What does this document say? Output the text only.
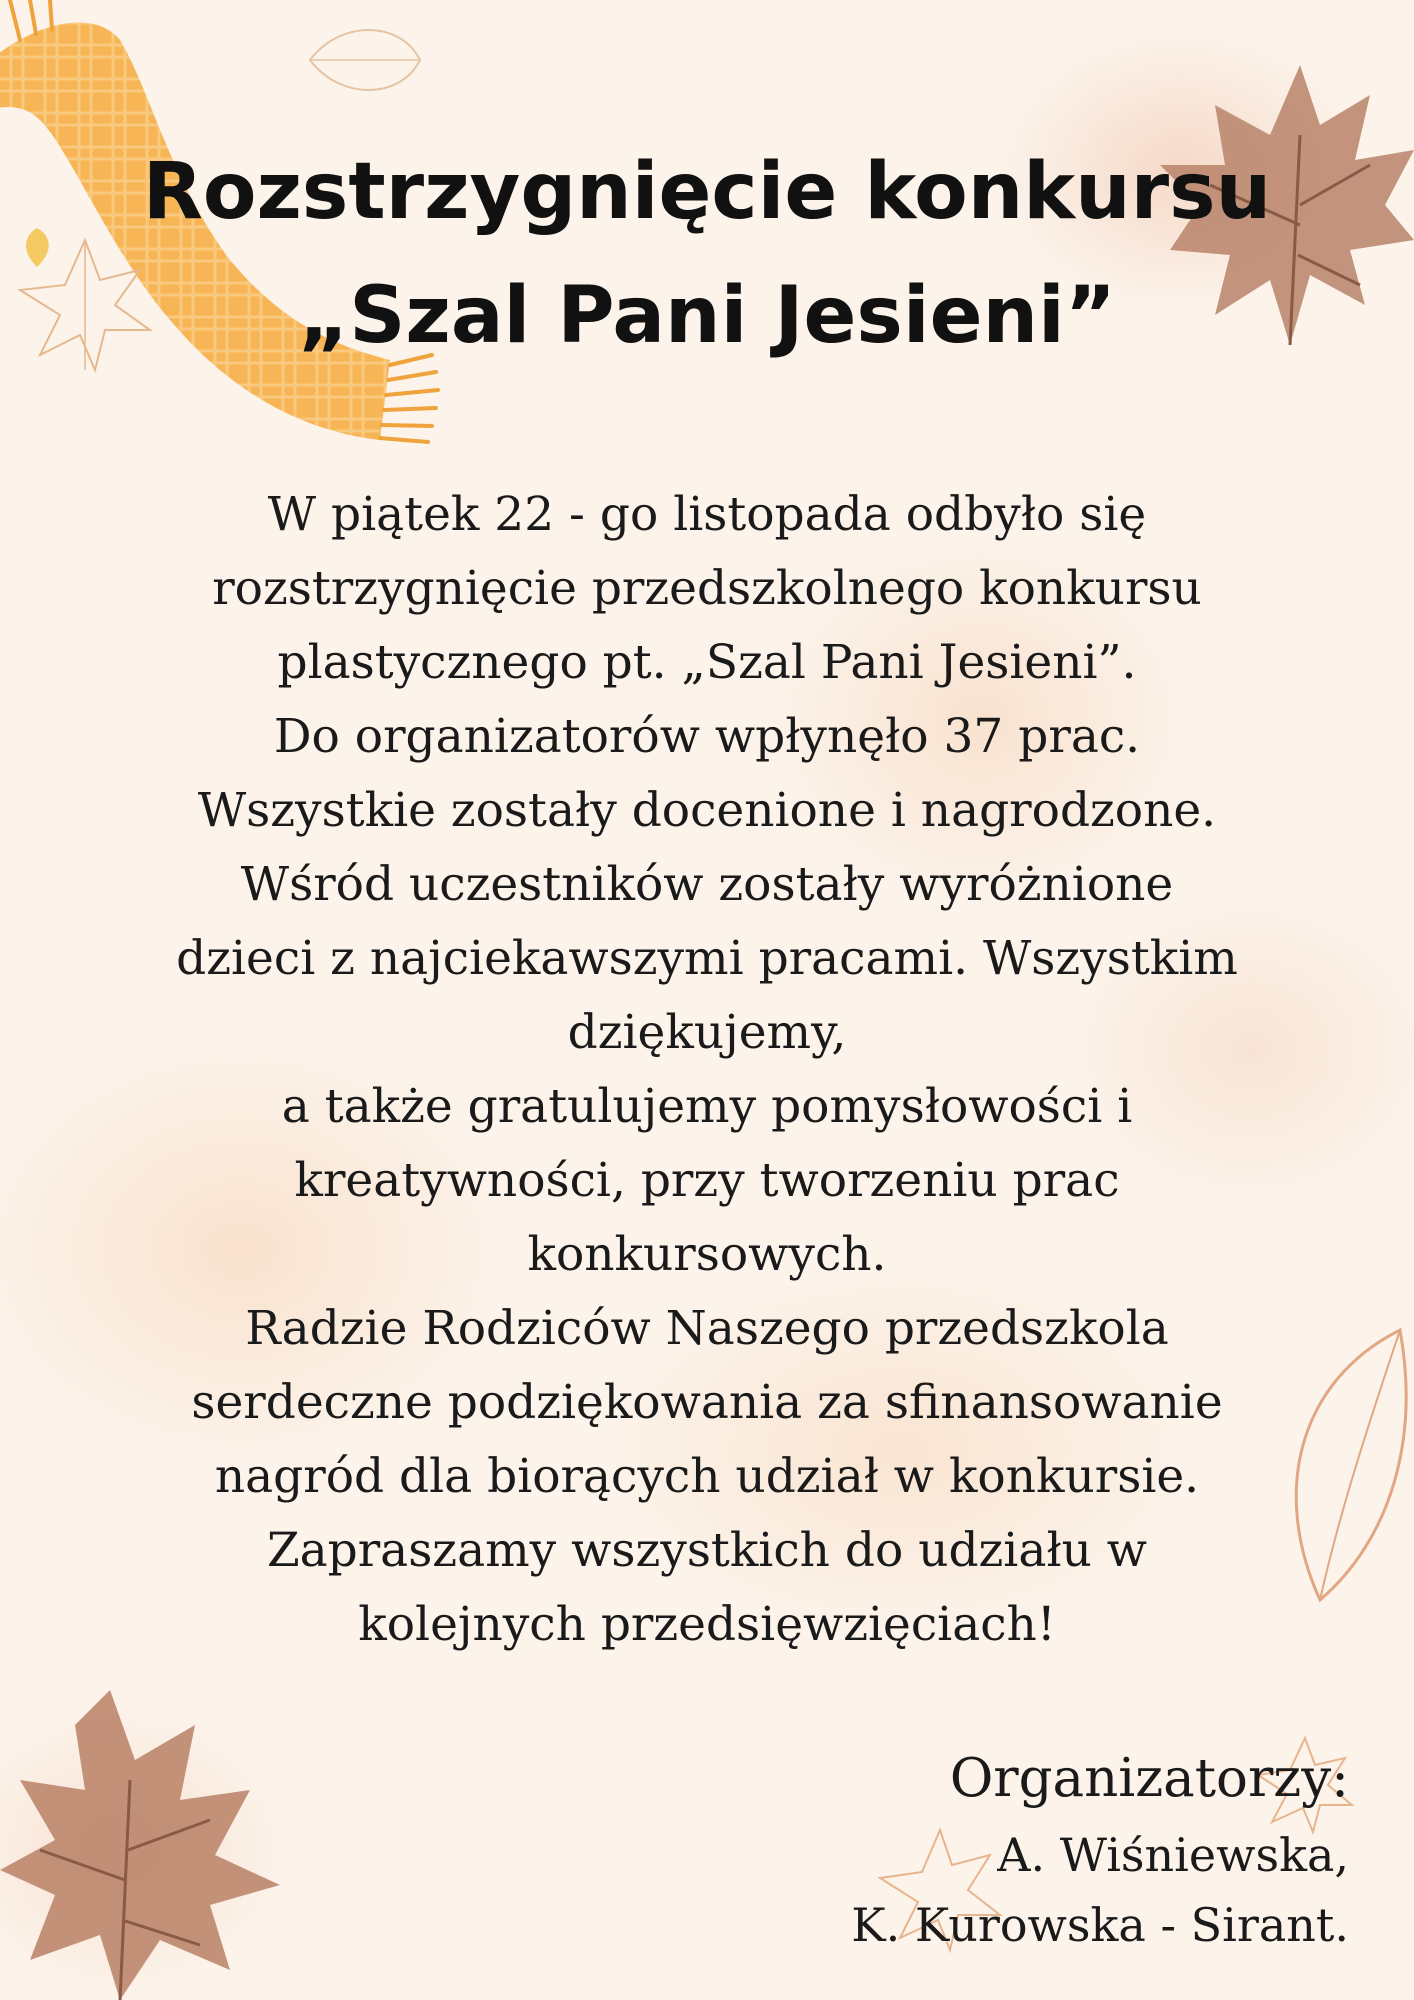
Rozstrzygnięcie konkursu
„Szal Pani Jesieni”
W piątek 22 - go listopada odbyło się
rozstrzygnięcie przedszkolnego konkursu
plastycznego pt. „Szal Pani Jesieni”.
Do organizatorów wpłynęło 37 prac.
Wszystkie zostały docenione i nagrodzone.
Wśród uczestników zostały wyróżnione
dzieci z najciekawszymi pracami. Wszystkim
dziękujemy,
a także gratulujemy pomysłowości i
kreatywności, przy tworzeniu prac
konkursowych.
Radzie Rodziców Naszego przedszkola
serdeczne podziękowania za sfinansowanie
nagród dla biorących udział w konkursie.
Zapraszamy wszystkich do udziału w
kolejnych przedsięwzięciach!
Organizatorzy:
A. Wiśniewska,
K. Kurowska - Sirant.
